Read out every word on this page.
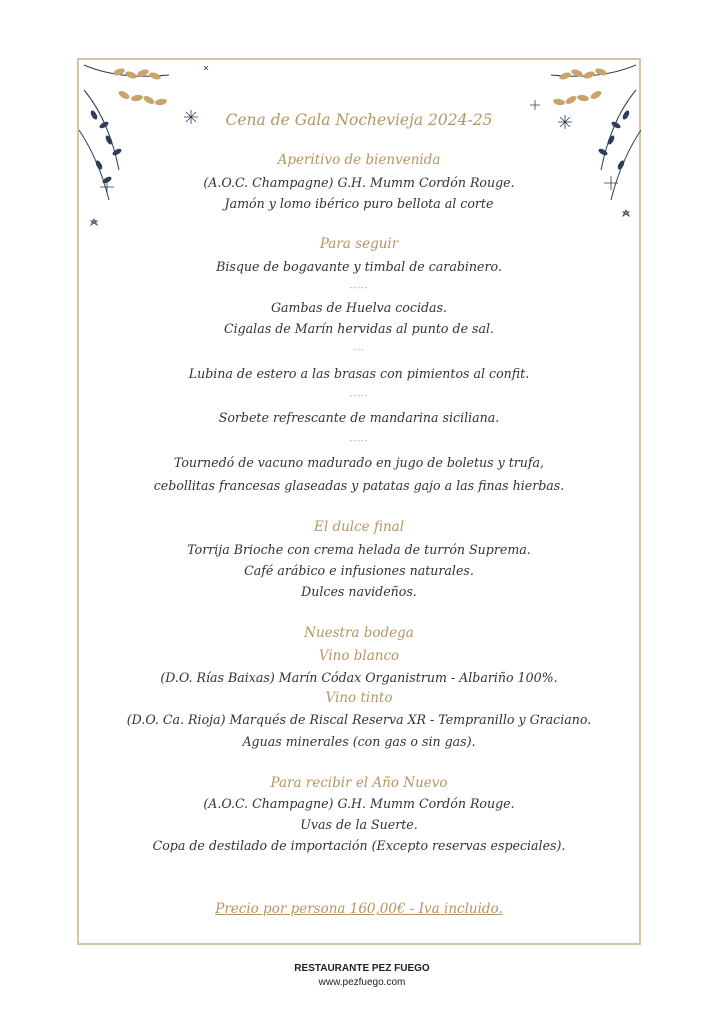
Cena de Gala Nochevieja 2024-25
Aperitivo de bienvenida
(A.O.C. Champagne) G.H. Mumm Cordón Rouge.
Jamón y lomo ibérico puro bellota al corte
Para seguir
Bisque de bogavante y timbal de carabinero.
-----
Gambas de Huelva cocidas.
Cigalas de Marín hervidas al punto de sal.
---
Lubina de estero a las brasas con pimientos al confit.
-----
Sorbete refrescante de mandarina siciliana.
-----
Tournedó de vacuno madurado en jugo de boletus y trufa,
cebollitas francesas glaseadas y patatas gajo a las finas hierbas.
El dulce final
Torrija Brioche con crema helada de turrón Suprema.
Café arábico e infusiones naturales.
Dulces navideños.
Nuestra bodega
Vino blanco
(D.O. Rías Baixas) Marín Códax Organistrum - Albariño 100%.
Vino tinto
(D.O. Ca. Rioja) Marqués de Riscal Reserva XR - Tempranillo y Graciano.
Aguas minerales (con gas o sin gas).
Para recibir el Año Nuevo
(A.O.C. Champagne) G.H. Mumm Cordón Rouge.
Uvas de la Suerte.
Copa de destilado de importación (Excepto reservas especiales).
Precio por persona 160,00€ - Iva incluido.
RESTAURANTE PEZ FUEGO
www.pezfuego.com
